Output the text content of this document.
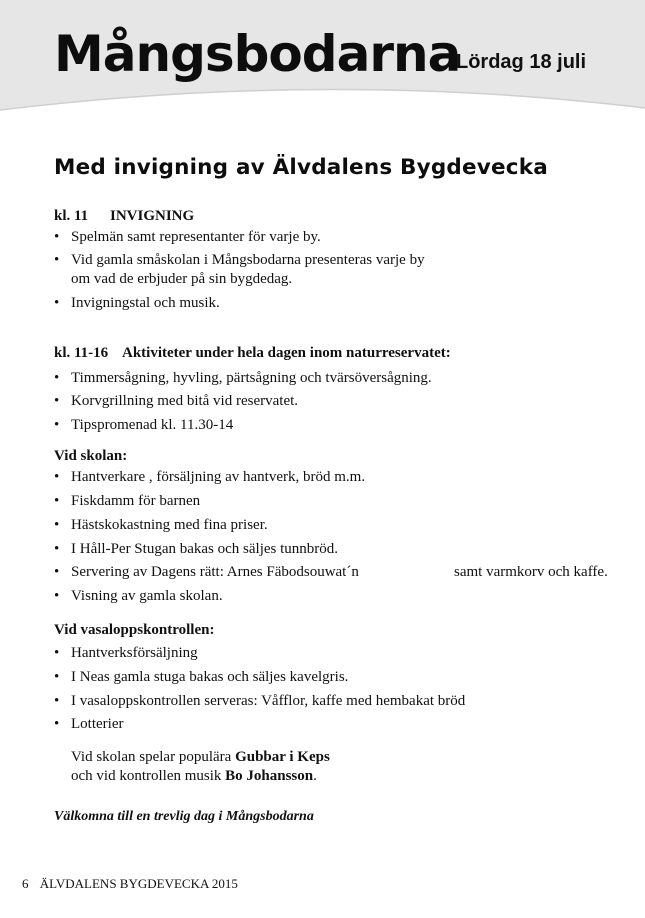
Mångsbodarna
Lördag 18 juli
Med invigning av Älvdalens Bygdevecka
kl. 11 INVIGNING
• Spelmän samt representanter för varje by.
• Vid gamla småskolan i Mångsbodarna presenteras varje by
om vad de erbjuder på sin bygdedag.
• Invigningstal och musik.
kl. 11-16 Aktiviteter under hela dagen inom naturreservatet:
• Timmersågning, hyvling, pärtsågning och tvärsöversågning.
• Korvgrillning med bitå vid reservatet.
• Tipspromenad kl. 11.30-14
Vid skolan:
• Hantverkare , försäljning av hantverk, bröd m.m.
• Fiskdamm för barnen
• Hästskokastning med fina priser.
• I Håll-Per Stugan bakas och säljes tunnbröd.
• Servering av Dagens rätt: Arnes Fäbodsouwat´n	samt varmkorv och kaffe.
• Visning av gamla skolan.
Vid vasaloppskontrollen:
• Hantverksförsäljning
• I Neas gamla stuga bakas och säljes kavelgris.
• I vasaloppskontrollen serveras: Våfflor, kaffe med hembakat bröd
• Lotterier
Vid skolan spelar populära Gubbar i Keps
och vid kontrollen musik Bo Johansson.
Välkomna till en trevlig dag i Mångsbodarna
6 ÄLVDALENS BYGDEVECKA 2015
